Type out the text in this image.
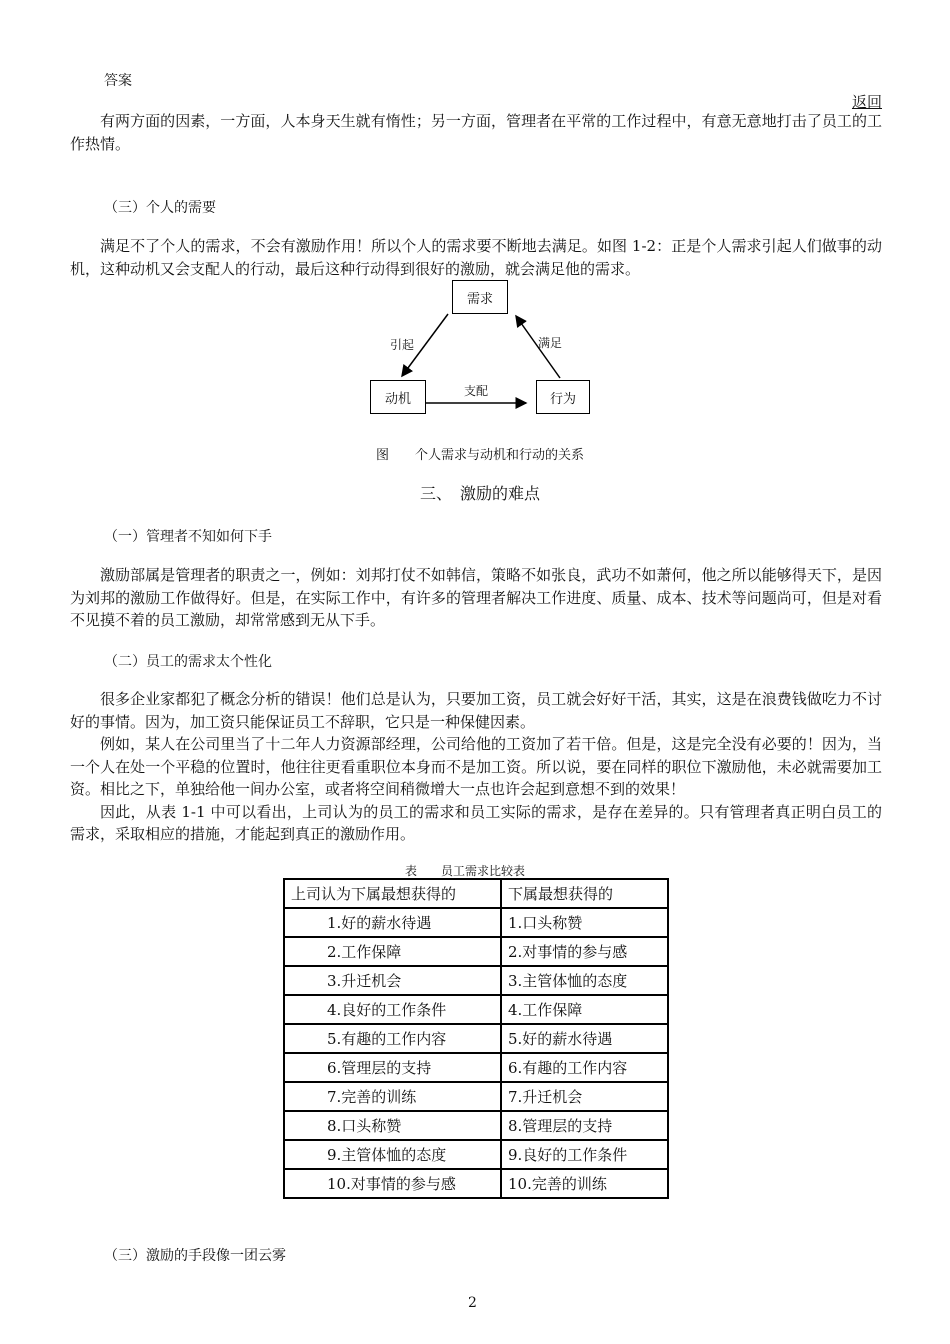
答案
返回

有两方面的因素，一方面，人本身天生就有惰性；另一方面，管理者在平常的工作过程中，有意无意地打击了员工的工作热情。

（三）个人的需要

满足不了个人的需求，不会有激励作用！所以个人的需求要不断地去满足。如图 1-2：正是个人需求引起人们做事的动机，这种动机又会支配人的行动，最后这种行动得到很好的激励，就会满足他的需求。

需求
动机	行为
引起	满足
支配
图　　个人需求与动机和行动的关系
三、　激励的难点
（一）管理者不知如何下手

激励部属是管理者的职责之一，例如：刘邦打仗不如韩信，策略不如张良，武功不如萧何，他之所以能够得天下，是因为刘邦的激励工作做得好。但是，在实际工作中，有许多的管理者解决工作进度、质量、成本、技术等问题尚可，但是对看不见摸不着的员工激励，却常常感到无从下手。

（二）员工的需求太个性化

很多企业家都犯了概念分析的错误！他们总是认为，只要加工资，员工就会好好干活，其实，这是在浪费钱做吃力不讨好的事情。因为，加工资只能保证员工不辞职，它只是一种保健因素。

例如，某人在公司里当了十二年人力资源部经理，公司给他的工资加了若干倍。但是，这是完全没有必要的！因为，当一个人在处一个平稳的位置时，他往往更看重职位本身而不是加工资。所以说，要在同样的职位下激励他，未必就需要加工资。相比之下，单独给他一间办公室，或者将空间稍微增大一点也许会起到意想不到的效果！

因此，从表 1-1 中可以看出，上司认为的员工的需求和员工实际的需求，是存在差异的。只有管理者真正明白员工的需求，采取相应的措施，才能起到真正的激励作用。

表　　员工需求比较表
上司认为下属最想获得的	下属最想获得的
1.好的薪水待遇	1.口头称赞
2.工作保障	2.对事情的参与感
3.升迁机会	3.主管体恤的态度
4.良好的工作条件	4.工作保障
5.有趣的工作内容	5.好的薪水待遇
6.管理层的支持	6.有趣的工作内容
7.完善的训练	7.升迁机会
8.口头称赞	8.管理层的支持
9.主管体恤的态度	9.良好的工作条件
10.对事情的参与感	10.完善的训练
（三）激励的手段像一团云雾
2
